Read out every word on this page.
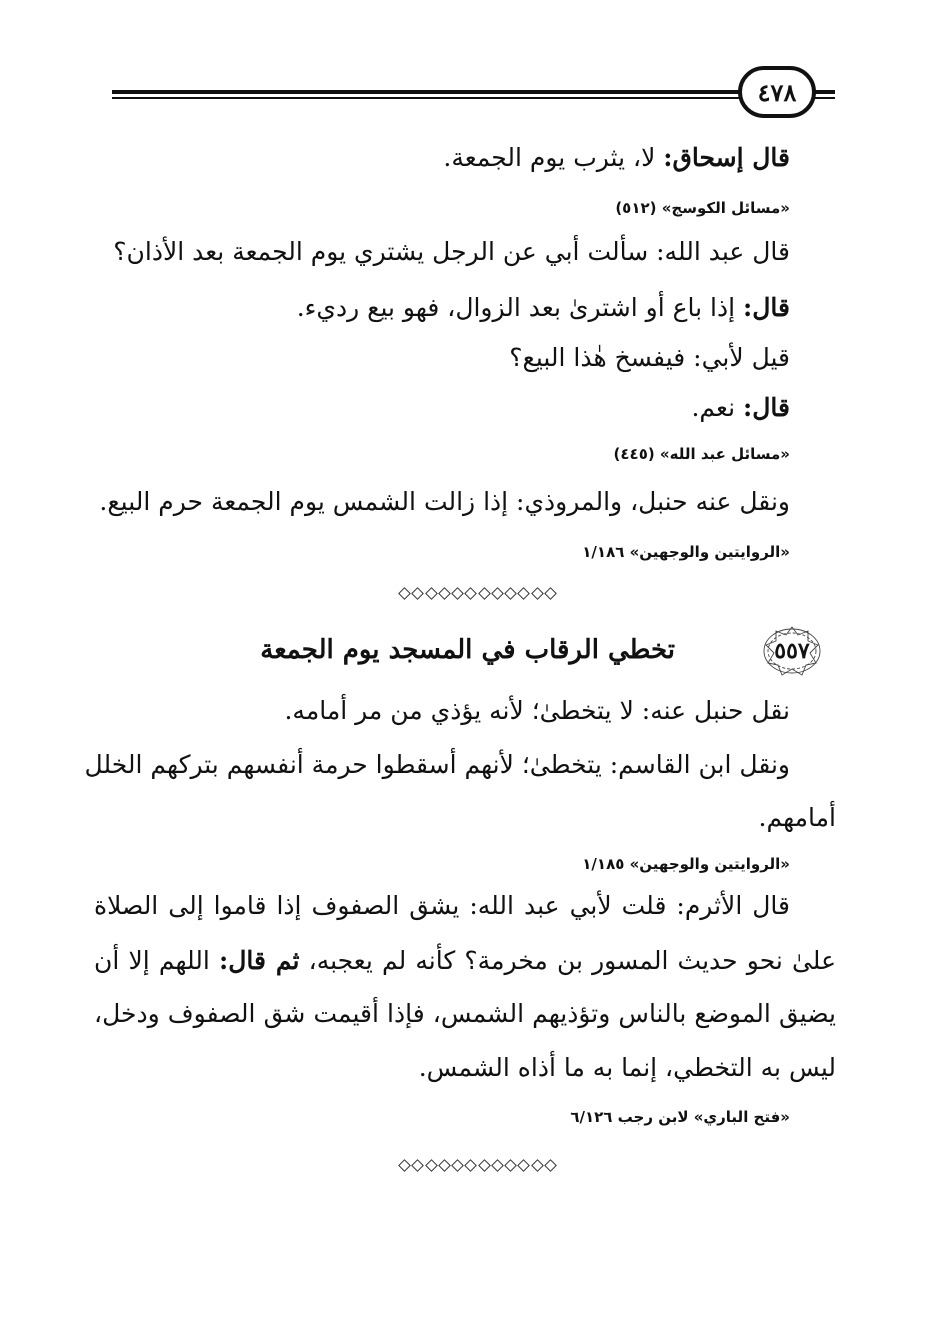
٤٧٨
قال إسحاق: لا، يثرب يوم الجمعة.
«مسائل الكوسج» (٥١٢)
قال عبد الله: سألت أبي عن الرجل يشتري يوم الجمعة بعد الأذان؟
قال: إذا باع أو اشترىٰ بعد الزوال، فهو بيع رديء.
قيل لأبي: فيفسخ هٰذا البيع؟
قال: نعم.
«مسائل عبد الله» (٤٤٥)
ونقل عنه حنبل، والمروذي: إذا زالت الشمس يوم الجمعة حرم البيع.
«الروايتين والوجهين» ١/١٨٦
٥٥٧
تخطي الرقاب في المسجد يوم الجمعة
نقل حنبل عنه: لا يتخطىٰ؛ لأنه يؤذي من مر أمامه.
ونقل ابن القاسم: يتخطىٰ؛ لأنهم أسقطوا حرمة أنفسهم بتركهم الخلل
أمامهم.
«الروايتين والوجهين» ١/١٨٥
قال الأثرم: قلت لأبي عبد الله: يشق الصفوف إذا قاموا إلى الصلاة
علىٰ نحو حديث المسور بن مخرمة؟ كأنه لم يعجبه، ثم قال: اللهم إلا أن
يضيق الموضع بالناس وتؤذيهم الشمس، فإذا أقيمت شق الصفوف ودخل،
ليس به التخطي، إنما به ما أذاه الشمس.
«فتح الباري» لابن رجب ٦/١٢٦
